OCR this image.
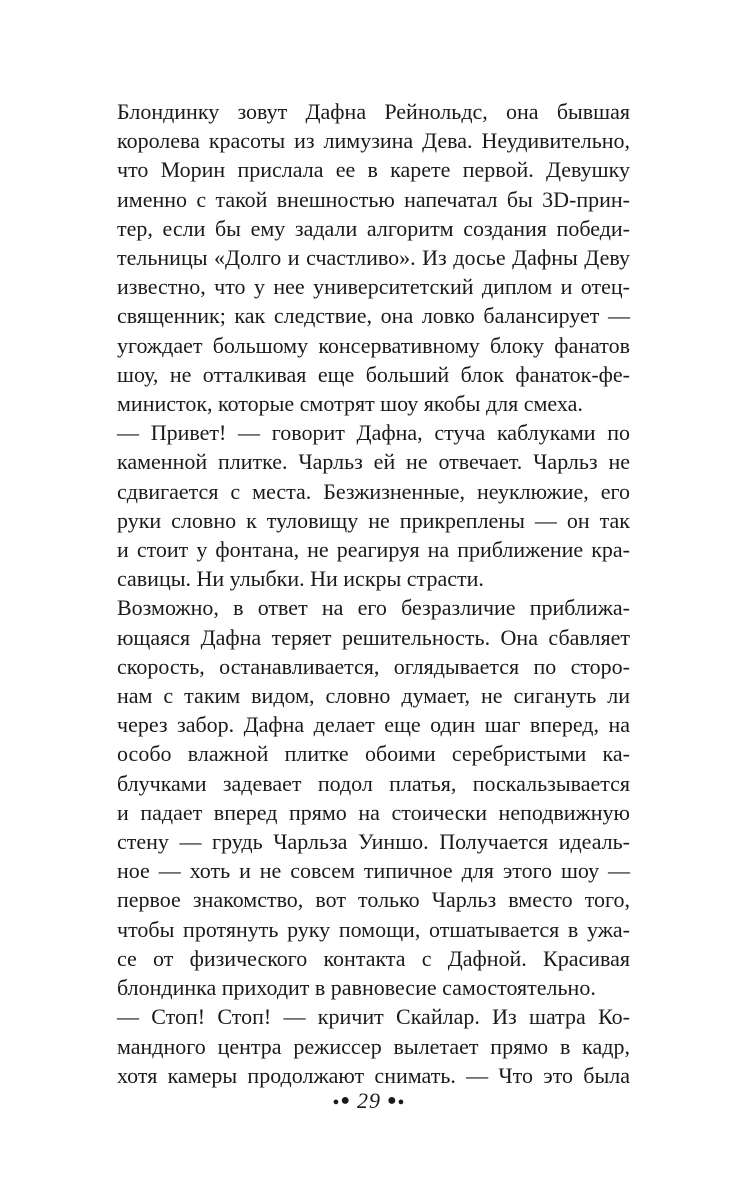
Блондинку зовут Дафна Рейнольдс, она бывшая
королева красоты из лимузина Дева. Неудивительно,
что Морин прислала ее в карете первой. Девушку
именно с такой внешностью напечатал бы 3D-прин-
тер, если бы ему задали алгоритм создания победи-
тельницы «Долго и счастливо». Из досье Дафны Деву
известно, что у нее университетский диплом и отец-
священник; как следствие, она ловко балансирует —
угождает большому консервативному блоку фанатов
шоу, не отталкивая еще больший блок фанаток-фе-
министок, которые смотрят шоу якобы для смеха.
— Привет! — говорит Дафна, стуча каблуками по
каменной плитке. Чарльз ей не отвечает. Чарльз не
сдвигается с места. Безжизненные, неуклюжие, его
руки словно к туловищу не прикреплены — он так
и стоит у фонтана, не реагируя на приближение кра-
савицы. Ни улыбки. Ни искры страсти.
Возможно, в ответ на его безразличие приближа-
ющаяся Дафна теряет решительность. Она сбавляет
скорость, останавливается, оглядывается по сторо-
нам с таким видом, словно думает, не сигануть ли
через забор. Дафна делает еще один шаг вперед, на
особо влажной плитке обоими серебристыми ка-
блучками задевает подол платья, поскальзывается
и падает вперед прямо на стоически неподвижную
стену — грудь Чарльза Уиншо. Получается идеаль-
ное — хоть и не совсем типичное для этого шоу —
первое знакомство, вот только Чарльз вместо того,
чтобы протянуть руку помощи, отшатывается в ужа-
се от физического контакта с Дафной. Красивая
блондинка приходит в равновесие самостоятельно.
— Стоп! Стоп! — кричит Скайлар. Из шатра Ко-
мандного центра режиссер вылетает прямо в кадр,
хотя камеры продолжают снимать. — Что это была
●● 29 ●●
